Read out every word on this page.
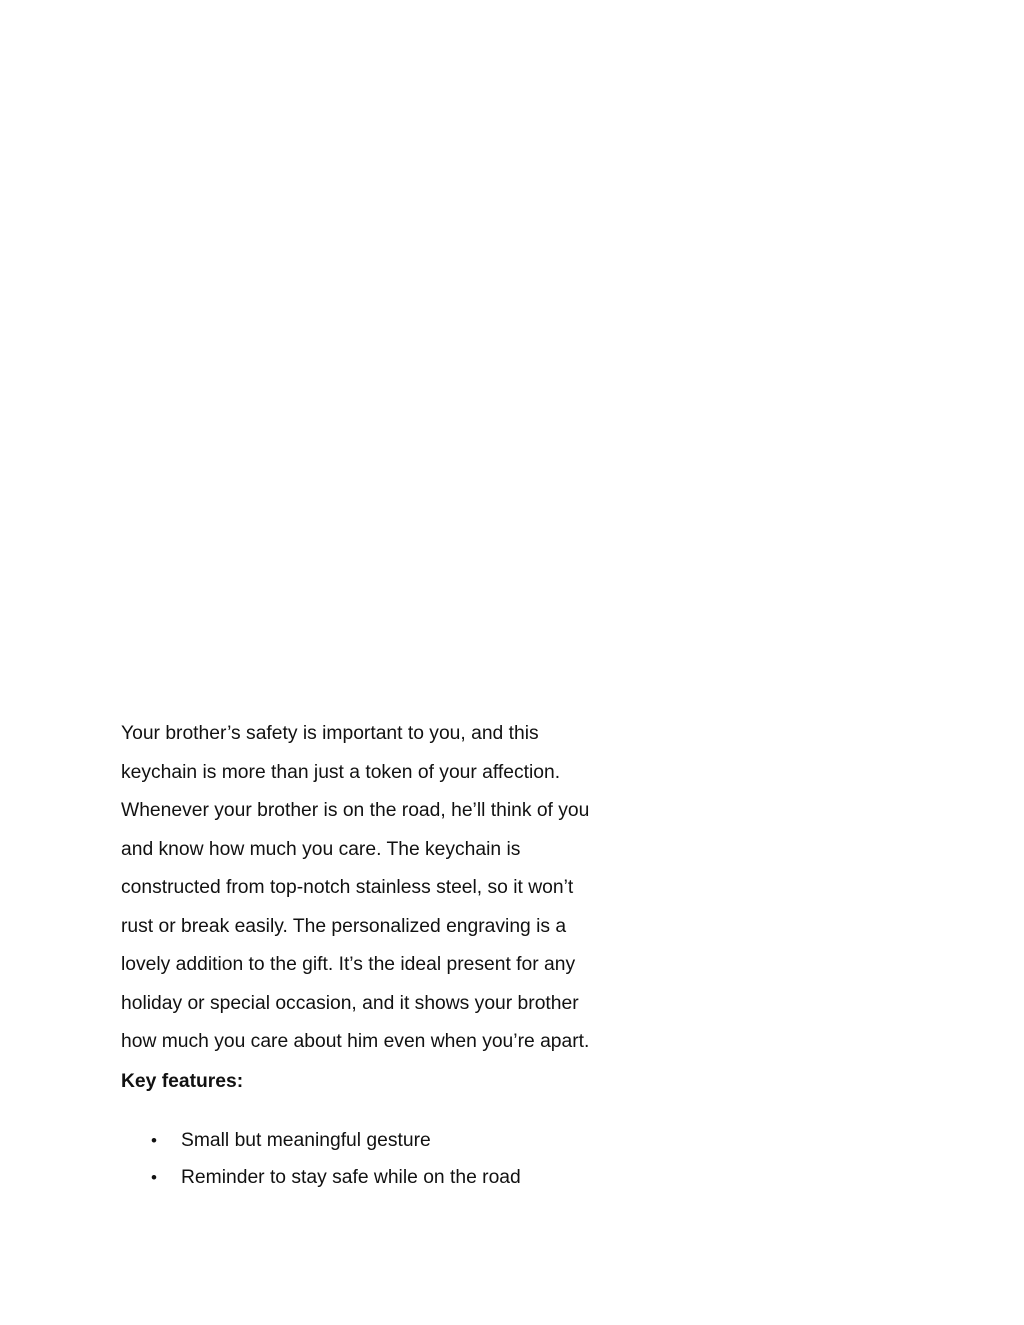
Your brother’s safety is important to you, and this
keychain is more than just a token of your affection.
Whenever your brother is on the road, he’ll think of you
and know how much you care. The keychain is
constructed from top-notch stainless steel, so it won’t
rust or break easily. The personalized engraving is a
lovely addition to the gift. It’s the ideal present for any
holiday or special occasion, and it shows your brother
how much you care about him even when you’re apart.

Key features:
• Small but meaningful gesture
• Reminder to stay safe while on the road
